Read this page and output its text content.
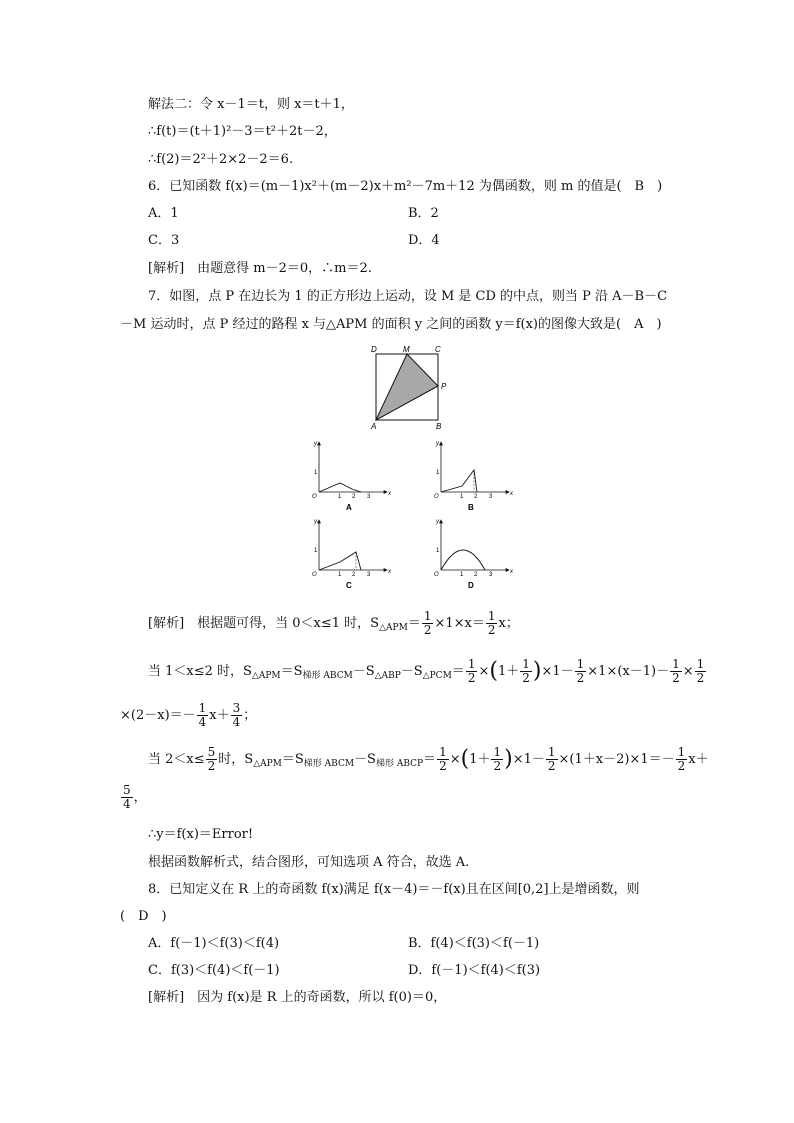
解法二：令 x－1＝t，则 x＝t＋1，
∴f(t)＝(t＋1)²－3＝t²＋2t－2，
∴f(2)＝2²＋2×2－2＝6.
6．已知函数 f(x)＝(m－1)x²＋(m－2)x＋m²－7m＋12 为偶函数，则 m 的值是(　B　)
A．1	B．2
C．3	D．4
[解析]　由题意得 m－2＝0，∴m＝2.
7．如图，点 P 在边长为 1 的正方形边上运动，设 M 是 CD 的中点，则当 P 沿 A－B－C
－M 运动时，点 P 经过的路程 x 与△APM 的面积 y 之间的函数 y＝f(x)的图像大致是(　A　)
D	M	C
P
A	B
y
x
O
1
1 2 3
A
y
x
O
1
1 2 3
B
y
x
O
1
1 2 3
C
y
x
O
1
1 2 3
D
[解析]　根据题可得，当 0＜x≤1 时，$S_{\triangle APM}= \frac{1}{2} \times 1\times x= \frac{1}{2}$ x；
当 1＜x≤2 时，$S_{\triangle APM}=S_{梯形 ABCM}-S_{\triangle ABP}-S_{\triangle PCM}= \frac{1}{2} \times(1+ \frac{1}{2} )\times 1- \frac{1}{2} \times 1\times(x-1)- \frac{1}{2} \times \frac{1}{2}$
$\times(2-x)=- \frac{1}{4} x+ \frac{3}{4}$ ；
当 $2<x\le \frac{5}{2}$ 时，$S_{\triangle APM}=S_{梯形 ABCM}-S_{梯形 ABCP}= \frac{1}{2} \times(1+ \frac{1}{2} )\times 1- \frac{1}{2} \times(1+x-2)\times 1=- \frac{1}{2} x+$
$\frac{5}{4}$ ，
∴y＝f(x)＝Error!
根据函数解析式，结合图形，可知选项 A 符合，故选 A.
8．已知定义在 R 上的奇函数 f(x)满足 f(x－4)＝－f(x)且在区间[0,2]上是增函数，则
(　D　)
A．f(－1)＜f(3)＜f(4)	B．f(4)＜f(3)＜f(－1)
C．f(3)＜f(4)＜f(－1)	D．f(－1)＜f(4)＜f(3)
[解析]　因为 f(x)是 R 上的奇函数，所以 f(0)＝0，
